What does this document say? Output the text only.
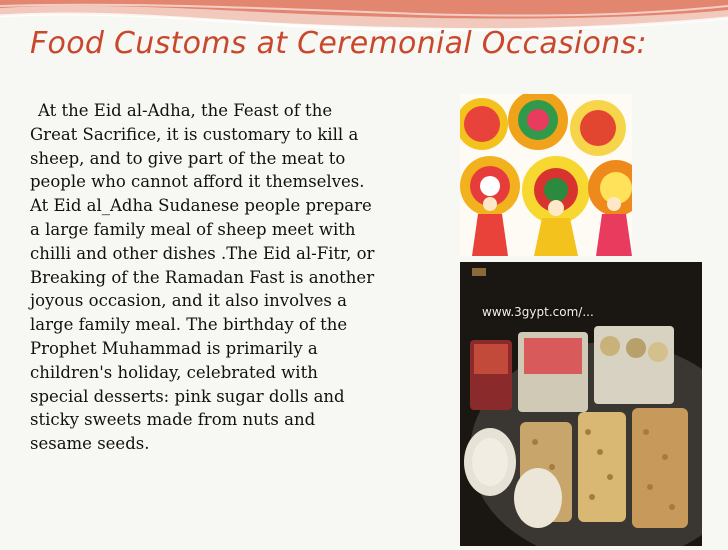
Food Customs at Ceremonial Occasions:

At the Eid al-Adha, the Feast of the
Great Sacrifice, it is customary to kill a
sheep, and to give part of the meat to
people who cannot afford it themselves.
At Eid al_Adha Sudanese people prepare
a large family meal of sheep meet with
chilli and other dishes .The Eid al-Fitr, or
Breaking of the Ramadan Fast is another
joyous occasion, and it also involves a
large family meal. The birthday of the
Prophet Muhammad is primarily a
children's holiday, celebrated with
special desserts: pink sugar dolls and
sticky sweets made from nuts and
sesame seeds.

www.3gypt.com/...
